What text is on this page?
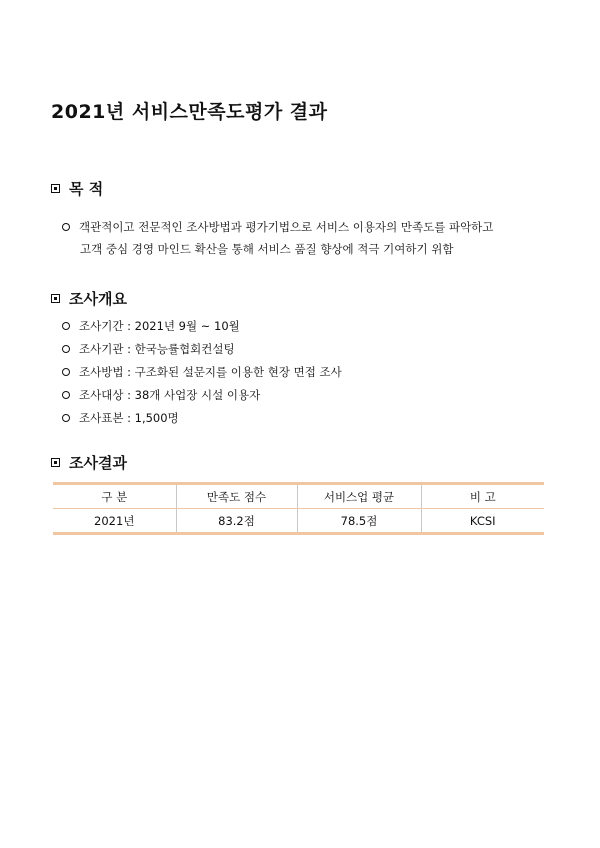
2021년 서비스만족도평가 결과
목 적
객관적이고 전문적인 조사방법과 평가기법으로 서비스 이용자의 만족도를 파악하고
고객 중심 경영 마인드 확산을 통해 서비스 품질 향상에 적극 기여하기 위함
조사개요
조사기간 : 2021년 9월 ~ 10월
조사기관 : 한국능률협회컨설팅
조사방법 : 구조화된 설문지를 이용한 현장 면접 조사
조사대상 : 38개 사업장 시설 이용자
조사표본 : 1,500명
조사결과
구 분	만족도 점수	서비스업 평균	비 고
2021년	83.2점	78.5점	KCSI
